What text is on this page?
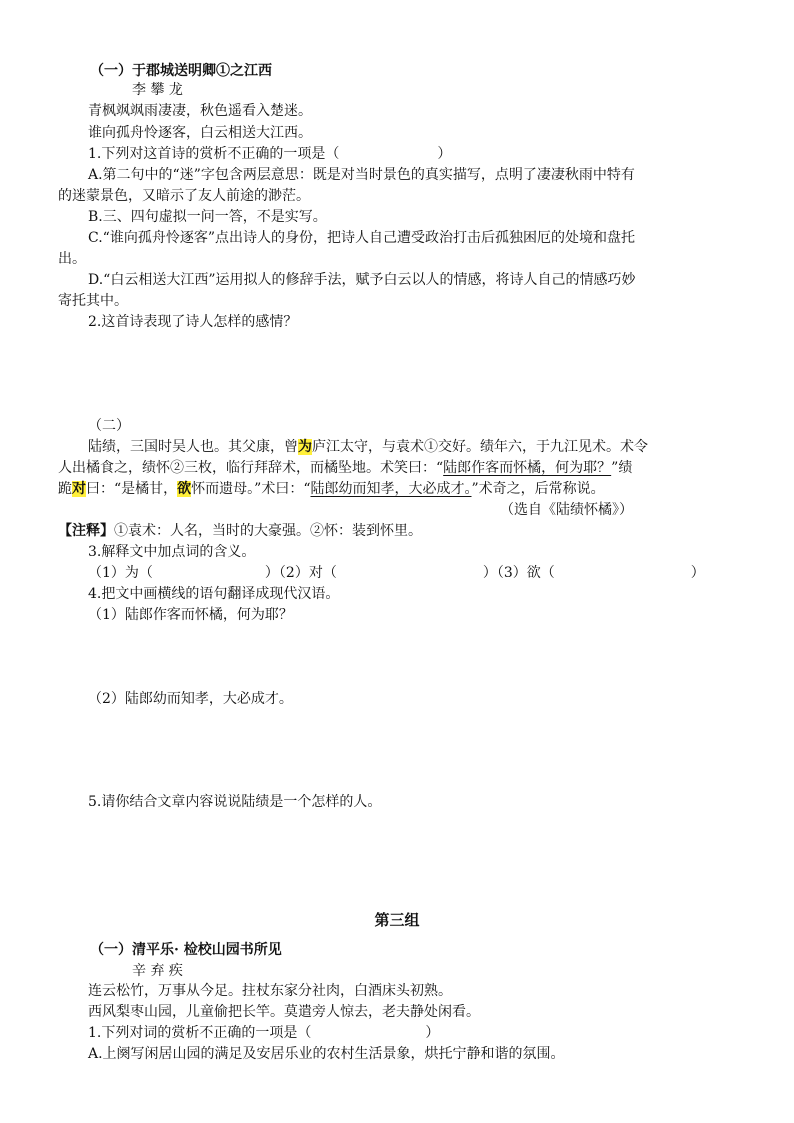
（一）于郡城送明卿①之江西
李 攀 龙
青枫飒飒雨凄凄，秋色遥看入楚迷。
谁向孤舟怜逐客，白云相送大江西。
1.下列对这首诗的赏析不正确的一项是（	）
A.第二句中的“迷”字包含两层意思：既是对当时景色的真实描写，点明了凄凄秋雨中特有
的迷蒙景色，又暗示了友人前途的渺茫。
B.三、四句虚拟一问一答，不是实写。
C.“谁向孤舟怜逐客”点出诗人的身份，把诗人自己遭受政治打击后孤独困厄的处境和盘托
出。
D.“白云相送大江西”运用拟人的修辞手法，赋予白云以人的情感，将诗人自己的情感巧妙
寄托其中。
2.这首诗表现了诗人怎样的感情？
（二）
陆绩，三国时吴人也。其父康，曾为庐江太守，与袁术①交好。绩年六，于九江见术。术令
人出橘食之，绩怀②三枚，临行拜辞术，而橘坠地。术笑曰：“陆郎作客而怀橘，何为耶？”绩
跪对曰：“是橘甘，欲怀而遗母。”术曰：“陆郎幼而知孝，大必成才。”术奇之，后常称说。
（选自《陆绩怀橘》）
【注释】①袁术：人名，当时的大豪强。②怀：装到怀里。
3.解释文中加点词的含义。
（1）为（	）（2）对（	）（3）欲（	）
4.把文中画横线的语句翻译成现代汉语。
（1）陆郎作客而怀橘，何为耶？
（2）陆郎幼而知孝，大必成才。
5.请你结合文章内容说说陆绩是一个怎样的人。
第三组
（一）清平乐· 检校山园书所见
辛 弃 疾
连云松竹，万事从今足。拄杖东家分社肉，白酒床头初熟。
西风梨枣山园，儿童偷把长竿。莫遣旁人惊去，老夫静处闲看。
1.下列对词的赏析不正确的一项是（	）
A.上阕写闲居山园的满足及安居乐业的农村生活景象，烘托宁静和谐的氛围。
